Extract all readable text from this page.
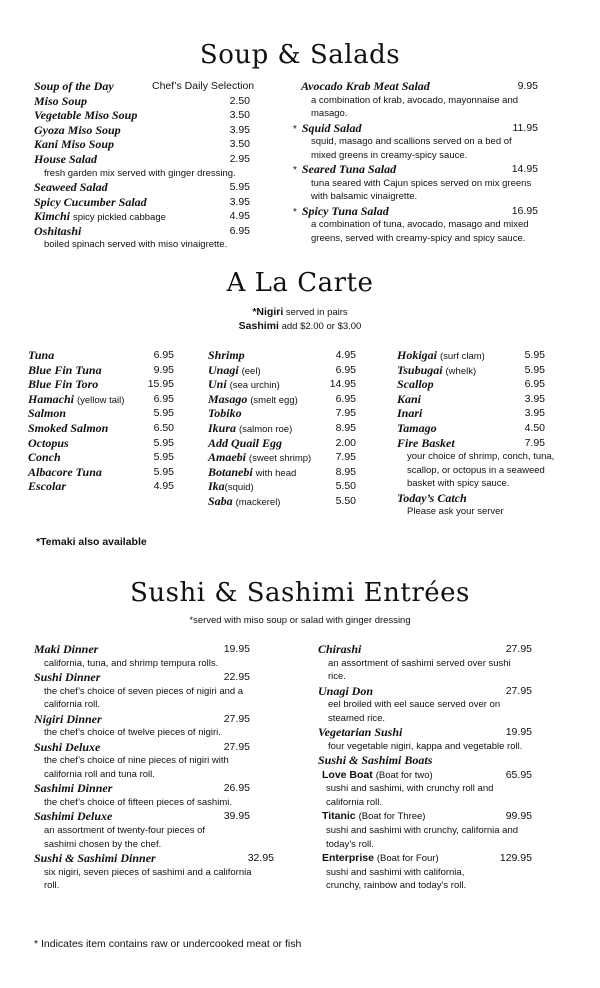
Soup & Salads
Soup of the Day	Chef’s Daily Selection
Miso Soup	2.50
Vegetable Miso Soup	3.50
Gyoza Miso Soup	3.95
Kani Miso Soup	3.50
House Salad	2.95
fresh garden mix served with ginger dressing.
Seaweed Salad	5.95
Spicy Cucumber Salad	3.95
Kimchi spicy pickled cabbage	4.95
Oshitashi	6.95
boiled spinach served with miso vinaigrette.
Avocado Krab Meat Salad	9.95
a combination of krab, avocado, mayonnaise and masago.
* Squid Salad	11.95
squid, masago and scallions served on a bed of mixed greens in creamy-spicy sauce.
* Seared Tuna Salad	14.95
tuna seared with Cajun spices served on mix greens with balsamic vinaigrette.
* Spicy Tuna Salad	16.95
a combination of tuna, avocado, masago and mixed greens, served with creamy-spicy and spicy sauce.
A La Carte
*Nigiri served in pairs
Sashimi add $2.00 or $3.00
Tuna	6.95
Blue Fin Tuna	9.95
Blue Fin Toro	15.95
Hamachi (yellow tail)	6.95
Salmon	5.95
Smoked Salmon	6.50
Octopus	5.95
Conch	5.95
Albacore Tuna	5.95
Escolar	4.95
Shrimp	4.95
Unagi (eel)	6.95
Uni (sea urchin)	14.95
Masago (smelt egg)	6.95
Tobiko	7.95
Ikura (salmon roe)	8.95
Add Quail Egg	2.00
Amaebi (sweet shrimp) 7.95
Botanebi with head	8.95
Ika(squid)	5.50
Saba (mackerel)	5.50
Hokigai (surf clam)	5.95
Tsubugai (whelk)	5.95
Scallop	6.95
Kani	3.95
Inari	3.95
Tamago	4.50
Fire Basket	7.95
your choice of shrimp, conch, tuna, scallop, or octopus in a seaweed basket with spicy sauce.
Today’s Catch
Please ask your server
*Temaki also available
Sushi & Sashimi Entrées
*served with miso soup or salad with ginger dressing
Maki Dinner	19.95
california, tuna, and shrimp tempura rolls.
Sushi Dinner	22.95
the chef’s choice of seven pieces of nigiri and a california roll.
Nigiri Dinner	27.95
the chef’s choice of twelve pieces of nigiri.
Sushi Deluxe	27.95
the chef’s choice of nine pieces of nigiri with california roll and tuna roll.
Sashimi Dinner	26.95
the chef’s choice of fifteen pieces of sashimi.
Sashimi Deluxe	39.95
an assortment of twenty-four pieces of sashimi chosen by the chef.
Sushi & Sashimi Dinner	32.95
six nigiri, seven pieces of sashimi and a california roll.
Chirashi	27.95
an assortment of sashimi served over sushi rice.
Unagi Don	27.95
eel broiled with eel sauce served over on steamed rice.
Vegetarian Sushi	19.95
four vegetable nigiri, kappa and vegetable roll.
Sushi & Sashimi Boats
Love Boat (Boat for two)	65.95
sushi and sashimi, with crunchy roll and california roll.
Titanic (Boat for Three)	99.95
sushi and sashimi with crunchy, california and today’s roll.
Enterprise (Boat for Four)	129.95
sushi and sashimi with california, crunchy, rainbow and today’s roll.
* Indicates item contains raw or undercooked meat or fish
